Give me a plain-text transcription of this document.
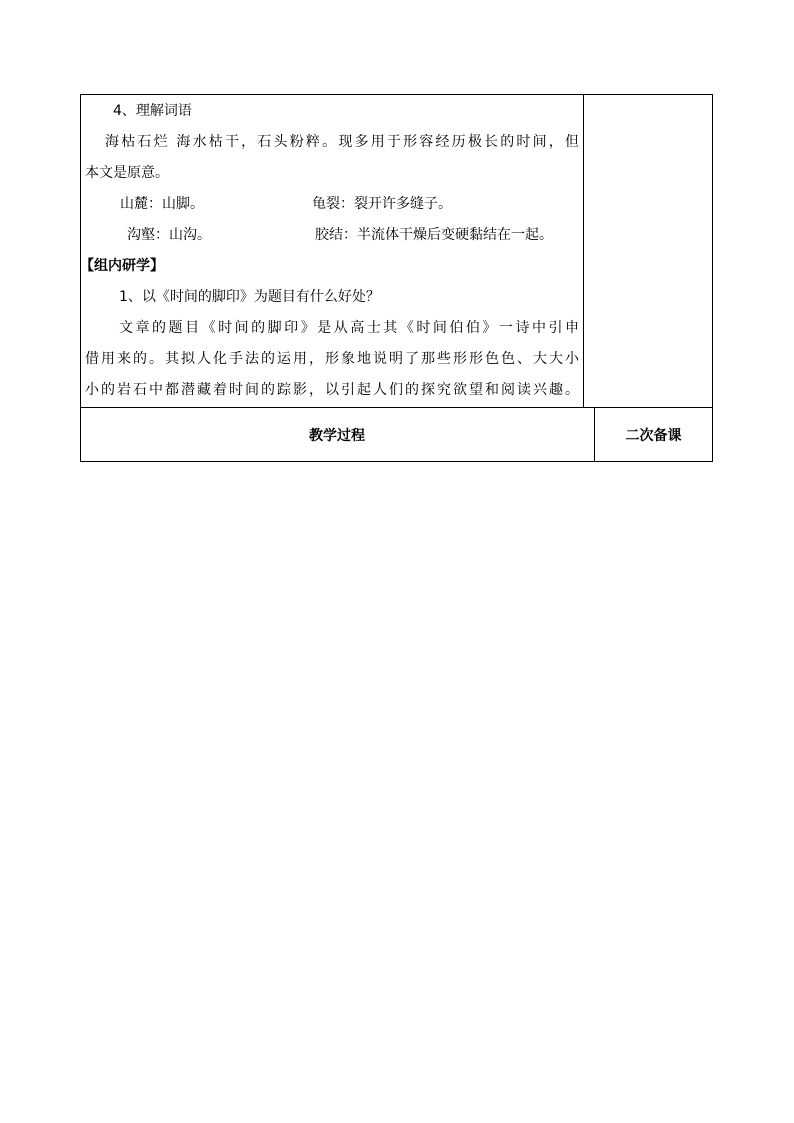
4、理解词语
海枯石烂 海水枯干，石头粉粹。现多用于形容经历极长的时间，但
本文是原意。
山麓：山脚。	龟裂：裂开许多缝子。
沟壑：山沟。	胶结：半流体干燥后变硬黏结在一起。
【组内研学】
1、以《时间的脚印》为题目有什么好处？
文章的题目《时间的脚印》是从高士其《时间伯伯》一诗中引申
借用来的。其拟人化手法的运用，形象地说明了那些形形色色、大大小
小的岩石中都潜藏着时间的踪影，以引起人们的探究欲望和阅读兴趣。
教学过程	二次备课
